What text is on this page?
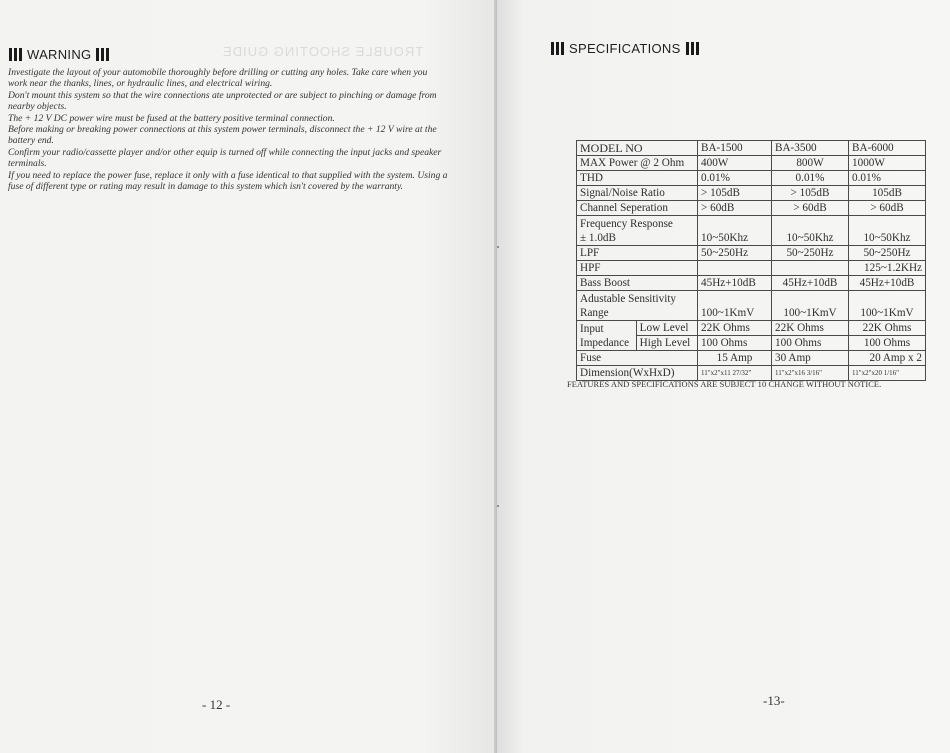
TROUBLE SHOOTING GUIDE
WARNING

Investigate the layout of your automobile thoroughly before drilling or cutting any holes. Take care when you work near the thanks, lines, or hydraulic lines, and electrical wiring.

Don't mount this system so that the wire connections ate unprotected or are subject to pinching or damage from nearby objects.

The + 12 V DC power wire must be fused at the battery positive terminal connection.

Before making or breaking power connections at this system power terminals, disconnect the + 12 V wire at the battery end.

Confirm your radio/cassette player and/or other equip is turned off while connecting the input jacks and speaker terminals.

If you need to replace the power fuse, replace it only with a fuse identical to that supplied with the system. Using a fuse of different type or rating may result in damage to this system which isn't covered by the warranty.

- 12 -
SPECIFICATIONS
MODEL NO		BA-1500	BA-3500	BA-6000
MAX Power @ 2 Ohm		400W	800W	1000W
THD		0.01%	0.01%	0.01%
Signal/Noise Ratio		> 105dB	> 105dB	105dB
Channel Seperation		> 60dB	> 60dB	> 60dB

Frequency Response
± 1.0dB		10~50Khz	10~50Khz	10~50Khz
LPF		50~250Hz	50~250Hz	50~250Hz
HPF				125~1.2KHz
Bass Boost		45Hz+10dB	45Hz+10dB	45Hz+10dB

Adustable Sensitivity
Range		100~1KmV	100~1KmV	100~1KmV
Input	Low Level	22K Ohms	22K Ohms	22K Ohms
Impedance	High Level	100 Ohms	100 Ohms	100 Ohms
Fuse		15 Amp	30 Amp	20 Amp x 2
Dimension(WxHxD)		11"x2"x11 27/32"	11"x2"x16 3/16"	11"x2"x20 1/16"
FEATURES AND SPECIFICATIONS ARE SUBJECT 10 CHANGE WITHOUT NOTICE.
-13-
